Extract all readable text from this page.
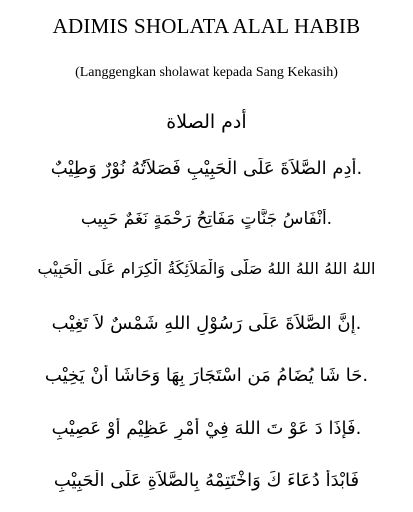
ADIMIS SHOLATA ALAL HABIB
(Langgengkan sholawat kepada Sang Kekasih)
أدم الصلاة
.أَدِمِ الصَّلاَةَ عَلَى الْحَبِيْبِ فَصَلاَتُهُ نُوْرٌ وَطِيْبٌ
.أَنْفَاسُ جَنَّاتٍ مَفَاتِحُ رَحْمَةٍ نَغَمٌ حَبِيب
اللهُ اللهُ اللهُ اللهُ صَلَّى وَالْمَلاَئِكَةُ الْكِرَامِ عَلَى الْحَبِيْبِ
.إِنَّ الصَّلاَةَ عَلَى رَسُوْلِ اللهِ شَمْسٌ لاَ تَغِيْب
.حَا شَا يُضَامُ مَنِ اسْتَجَارَ بِهَا وَحَاشَا أَنْ يَخِيْب
.فَإِذَا دَ عَوْ تَ اللهَ فِيْ أَمْرٍ عَظِيْمٍ أَوْ عَصِيْبٍ
فَابْدَأْ دُعَاءَ كَ وَاخْتَتِمْهُ بِالصَّلاَةِ عَلَى الْحَبِيْبِ
